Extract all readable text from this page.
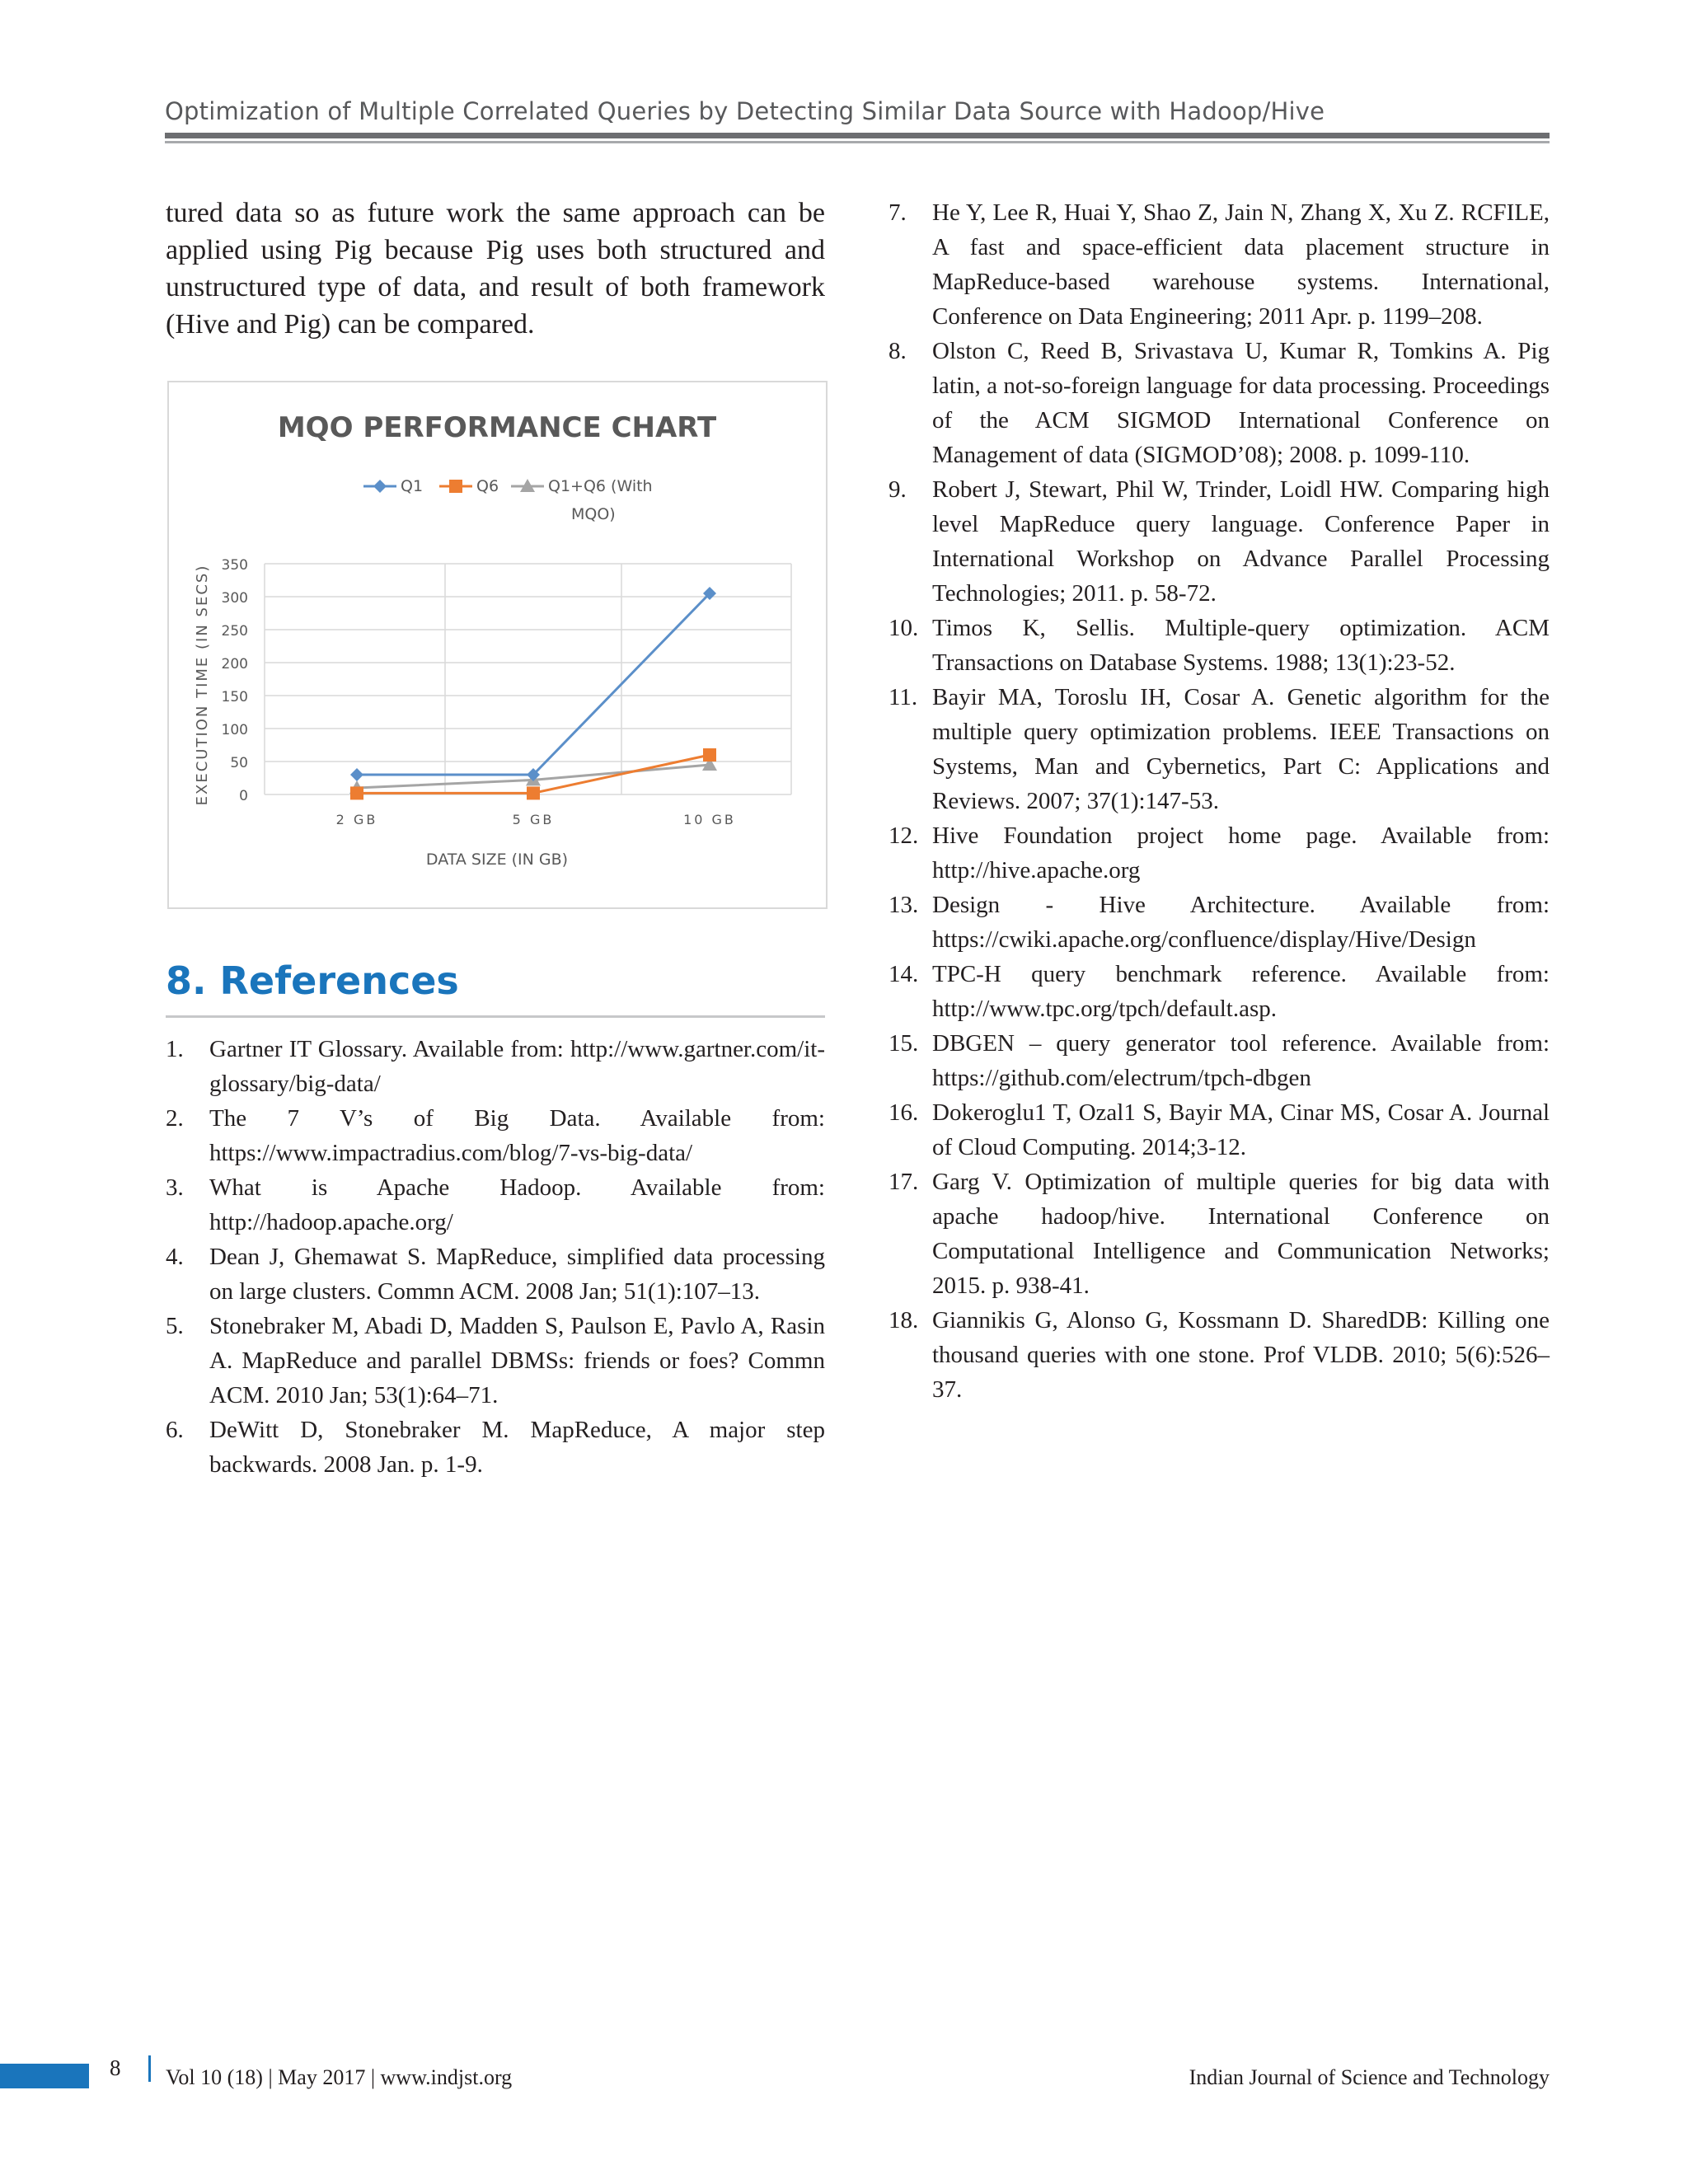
Optimization of Multiple Correlated Queries by Detecting Similar Data Source with Hadoop/Hive

tured data so as future work the same approach can be applied using Pig because Pig uses both structured and unstructured type of data, and result of both framework (Hive and Pig) can be compared.

MQO PERFORMANCE CHART
Q1	Q6	Q1+Q6 (With
MQO)
0
50
100
150
200
250
300
350
2 GB	5 GB	10 GB
DATA SIZE (IN GB)
EXECUTION TIME (IN SECS)
8. References
1. Gartner IT Glossary. Available from: http://www.gartner.com/it-glossary/big-data/
2. The 7 V’s of Big Data. Available from: https://www.impactradius.com/blog/7-vs-big-data/
3. What is Apache Hadoop. Available from: http://hadoop.apache.org/
4. Dean J, Ghemawat S. MapReduce, simplified data processing on large clusters. Commn ACM. 2008 Jan; 51(1):107–13.
5. Stonebraker M, Abadi D, Madden S, Paulson E, Pavlo A, Rasin A. MapReduce and parallel DBMSs: friends or foes? Commn ACM. 2010 Jan; 53(1):64–71.
6. DeWitt D, Stonebraker M. MapReduce, A major step backwards. 2008 Jan. p. 1-9.
7. He Y, Lee R, Huai Y, Shao Z, Jain N, Zhang X, Xu Z. RCFILE, A fast and space-efficient data placement structure in MapReduce-based warehouse systems. International, Conference on Data Engineering; 2011 Apr. p. 1199–208.
8. Olston C, Reed B, Srivastava U, Kumar R, Tomkins A. Pig latin, a not-so-foreign language for data processing. Proceedings of the ACM SIGMOD International Conference on Management of data (SIGMOD’08); 2008. p. 1099-110.
9. Robert J, Stewart, Phil W, Trinder, Loidl HW. Comparing high level MapReduce query language. Conference Paper in International Workshop on Advance Parallel Processing Technologies; 2011. p. 58-72.
10. Timos K, Sellis. Multiple-query optimization. ACM Transactions on Database Systems. 1988; 13(1):23-52.
11. Bayir MA, Toroslu IH, Cosar A. Genetic algorithm for the multiple query optimization problems. IEEE Transactions on Systems, Man and Cybernetics, Part C: Applications and Reviews. 2007; 37(1):147-53.
12. Hive Foundation project home page. Available from: http://hive.apache.org
13. Design - Hive Architecture. Available from: https://cwiki.apache.org/confluence/display/Hive/Design
14. TPC-H query benchmark reference. Available from: http://www.tpc.org/tpch/default.asp.
15. DBGEN – query generator tool reference. Available from: https://github.com/electrum/tpch-dbgen
16. Dokeroglu1 T, Ozal1 S, Bayir MA, Cinar MS, Cosar A. Journal of Cloud Computing. 2014;3-12.
17. Garg V. Optimization of multiple queries for big data with apache hadoop/hive. International Conference on Computational Intelligence and Communication Networks; 2015. p. 938-41.
18. Giannikis G, Alonso G, Kossmann D. SharedDB: Killing one thousand queries with one stone. Prof VLDB. 2010; 5(6):526–37.
8 Vol 10 (18) | May 2017 | www.indjst.org	Indian Journal of Science and Technology
